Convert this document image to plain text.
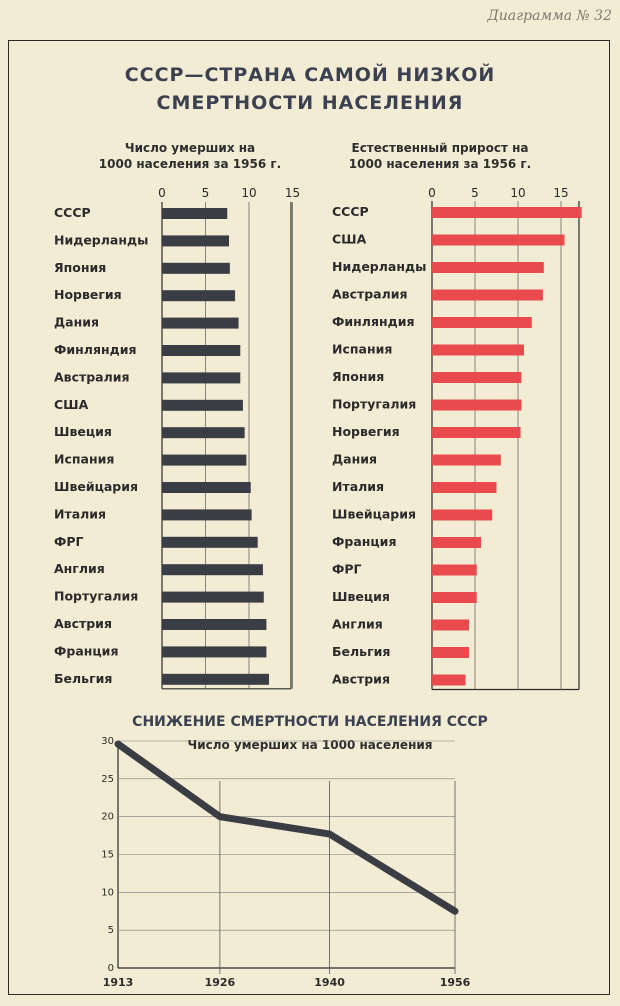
Диаграмма № 32
СССР—СТРАНА САМОЙ НИЗКОЙ
СМЕРТНОСТИ НАСЕЛЕНИЯ
Число умерших на
1000 населения за 1956 г.
Естественный прирост на
1000 населения за 1956 г.
0	5	10 15
СССР
Нидерланды
Япония
Норвегия
Дания
Финляндия
Австралия
США
Швеция
Испания
Швейцария
Италия
ФРГ
Англия
Португалия
Австрия
Франция
Бельгия
0	5	10 15
СССР
США
Нидерланды
Австралия
Финляндия
Испания
Япония
Португалия
Норвегия
Дания
Италия
Швейцария
Франция
ФРГ
Швеция
Англия
Бельгия
Австрия
СНИЖЕНИЕ СМЕРТНОСТИ НАСЕЛЕНИЯ СССР
Число умерших на 1000 населения
0
5
10
15
20
25
30
1913	1926	1940	1956
